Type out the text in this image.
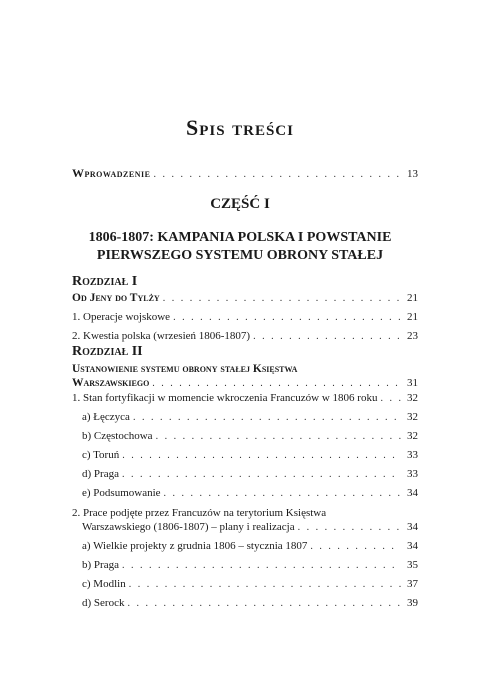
Spis treści
Wprowadzenie . . .	13
CZĘŚĆ I
1806-1807: KAMPANIA POLSKA I POWSTANIE PIERWSZEGO SYSTEMU OBRONY STAŁEJ
Rozdział I
Od Jeny do Tylży . . .	21
1. Operacje wojskowe . . .	21
2. Kwestia polska (wrzesień 1806-1807) . . .	23
Rozdział II
Ustanowienie systemu obrony stałej Księstwa
Warszawskiego . . .	31
1. Stan fortyfikacji w momencie wkroczenia Francuzów w 1806 roku . . .	32
a) Łęczyca . . .	32
b) Częstochowa . . .	32
c) Toruń . . .	33
d) Praga . . .	33
e) Podsumowanie . . .	34
2. Prace podjęte przez Francuzów na terytorium Księstwa
Warszawskiego (1806-1807) – plany i realizacja . . .	34
a) Wielkie projekty z grudnia 1806 – stycznia 1807 . . .	34
b) Praga . . .	35
c) Modlin . . .	37
d) Serock . . .	39
